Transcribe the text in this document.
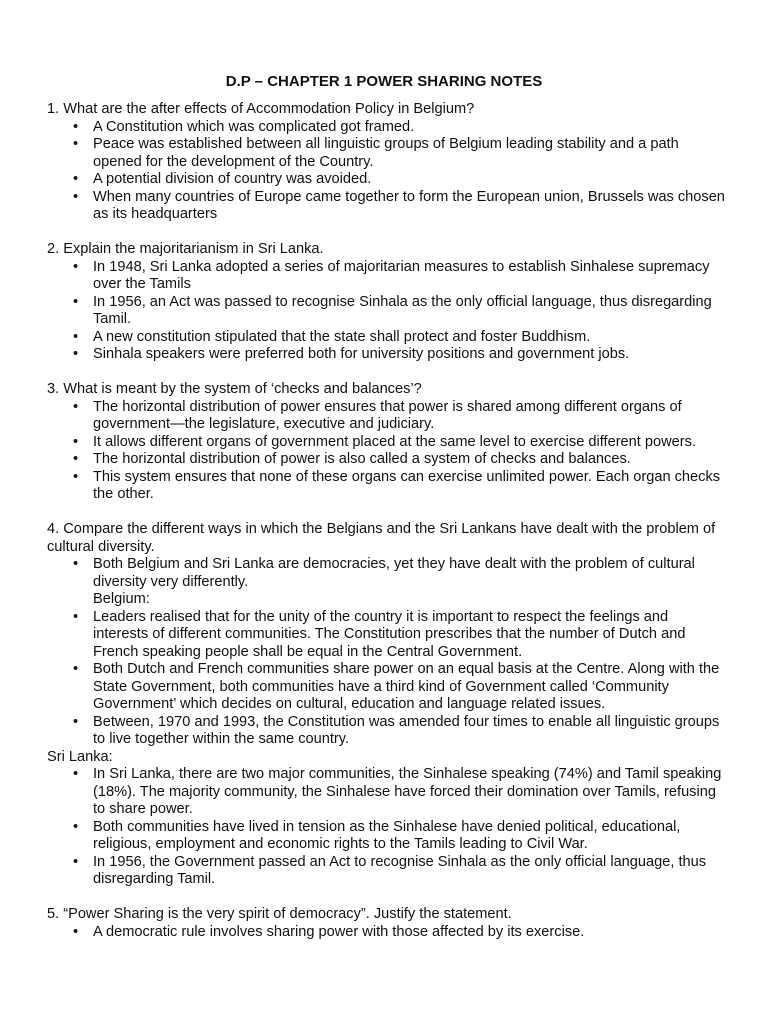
D.P – CHAPTER 1 POWER SHARING NOTES

1. What are the after effects of Accommodation Policy in Belgium?

• A Constitution which was complicated got framed.
• Peace was established between all linguistic groups of Belgium leading stability and a path opened for the development of the Country.
• A potential division of country was avoided.
• When many countries of Europe came together to form the European union, Brussels was chosen as its headquarters

2. Explain the majoritarianism in Sri Lanka.

• In 1948, Sri Lanka adopted a series of majoritarian measures to establish Sinhalese supremacy over the Tamils
• In 1956, an Act was passed to recognise Sinhala as the only official language, thus disregarding Tamil.
• A new constitution stipulated that the state shall protect and foster Buddhism.
• Sinhala speakers were preferred both for university positions and government jobs.

3. What is meant by the system of ‘checks and balances’?

• The horizontal distribution of power ensures that power is shared among different organs of government—the legislature, executive and judiciary.
• It allows different organs of government placed at the same level to exercise different powers.
• The horizontal distribution of power is also called a system of checks and balances.
• This system ensures that none of these organs can exercise unlimited power. Each organ checks the other.

4. Compare the different ways in which the Belgians and the Sri Lankans have dealt with the problem of cultural diversity.

• Both Belgium and Sri Lanka are democracies, yet they have dealt with the problem of cultural diversity very differently.

Belgium:

• Leaders realised that for the unity of the country it is important to respect the feelings and interests of different communities. The Constitution prescribes that the number of Dutch and French speaking people shall be equal in the Central Government.
• Both Dutch and French communities share power on an equal basis at the Centre. Along with the State Government, both communities have a third kind of Government called ‘Community Government’ which decides on cultural, education and language related issues.
• Between, 1970 and 1993, the Constitution was amended four times to enable all linguistic groups to live together within the same country.

Sri Lanka:

• In Sri Lanka, there are two major communities, the Sinhalese speaking (74%) and Tamil speaking (18%). The majority community, the Sinhalese have forced their domination over Tamils, refusing to share power.
• Both communities have lived in tension as the Sinhalese have denied political, educational, religious, employment and economic rights to the Tamils leading to Civil War.
• In 1956, the Government passed an Act to recognise Sinhala as the only official language, thus disregarding Tamil.

5. “Power Sharing is the very spirit of democracy”. Justify the statement.

• A democratic rule involves sharing power with those affected by its exercise.
